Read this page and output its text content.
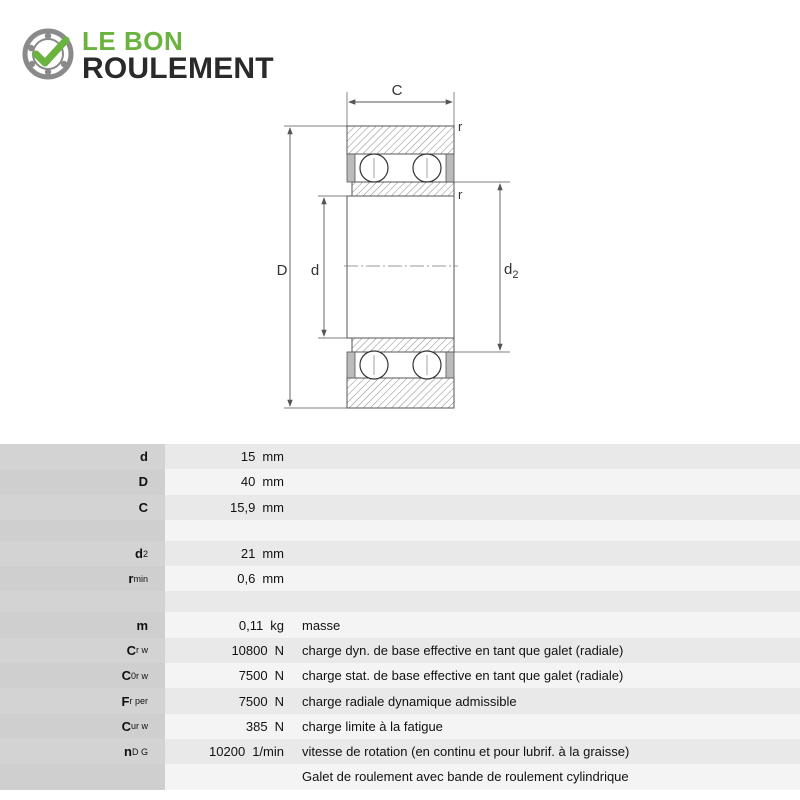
LE BON
ROULEMENT
C
D d	$d_2$
r
r
d	15 mm
D	40 mm
C	15,9 mm
d 2	21 mm
r min	0,6 mm
m	0,11 kg	masse
C r w	10800 N	charge dyn. de base effective en tant que galet (radiale)
C 0r w	7500 N	charge stat. de base effective en tant que galet (radiale)
F r per	7500 N	charge radiale dynamique admissible
C ur w	385 N	charge limite à la fatigue
n D G	10200 1/min	vitesse de rotation (en continu et pour lubrif. à la graisse)
Galet de roulement avec bande de roulement cylindrique
